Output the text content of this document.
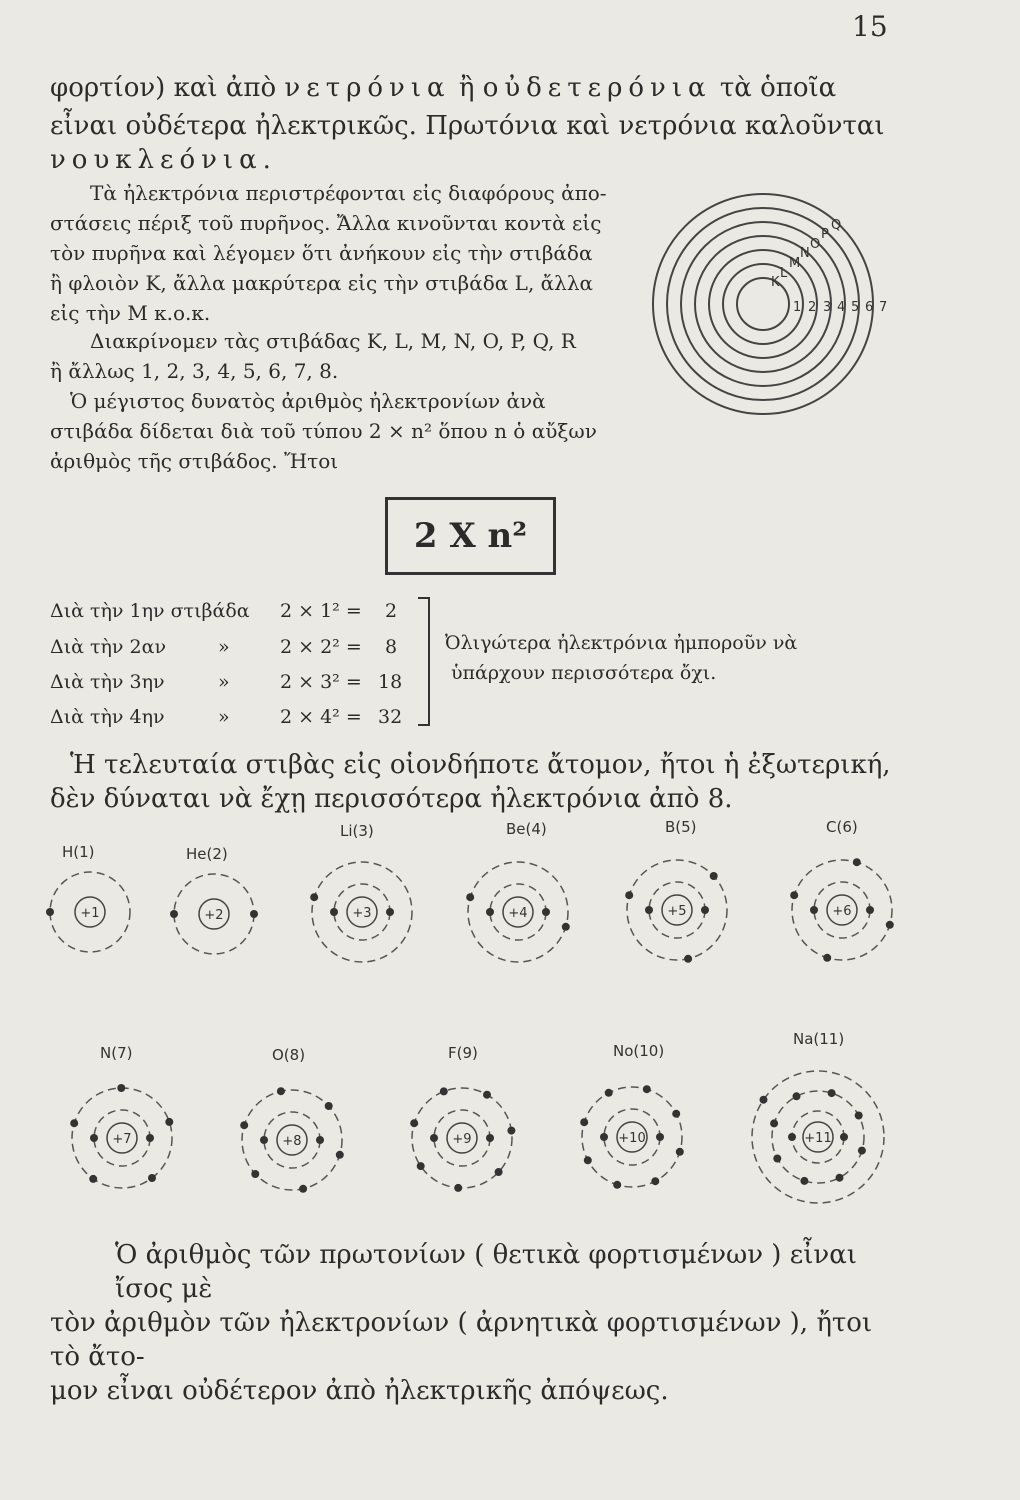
15
φορτίον) καὶ ἀπὸ νετρόνια ἢ οὐδετερόνια τὰ ὁποῖα
εἶναι οὐδέτερα ἠλεκτρικῶς. Πρωτόνια καὶ νετρόνια καλοῦνται
νουκλεόνια.
Τὰ ἠλεκτρόνια περιστρέφονται εἰς διαφόρους ἀπο-
στάσεις πέριξ τοῦ πυρῆνος. Ἄλλα κινοῦνται κοντὰ εἰς
τὸν πυρῆνα καὶ λέγομεν ὅτι ἀνήκουν εἰς τὴν στιβάδα
ἢ φλοιὸν Κ, ἄλλα μακρύτερα εἰς τὴν στιβάδα L, ἄλλα
εἰς τὴν Μ κ.ο.κ.
Διακρίνομεν τὰς στιβάδας K, L, M, N, O, P, Q, R
ἢ ἄλλως 1, 2, 3, 4, 5, 6, 7, 8.
Ὁ μέγιστος δυνατὸς ἀριθμὸς ἠλεκτρονίων ἀνὰ
στιβάδα δίδεται διὰ τοῦ τύπου 2 × n² ὅπου n ὁ αὔξων
ἀριθμὸς τῆς στιβάδος. Ἤτοι
K
L
M
N
O
P
Q
1 2 3 4 5 6 7
2 X n²
Διὰ τὴν 1ην στιβάδα 2 × 1² = 2
Διὰ τὴν 2αν	»	2 × 2² = 8
Διὰ τὴν 3ην	»	2 × 3² = 18
Διὰ τὴν 4ην	»	2 × 4² = 32
Ὀλιγώτερα ἠλεκτρόνια ἠμποροῦν νὰ
ὑπάρχουν περισσότερα ὄχι.
Ἡ τελευταία στιβὰς εἰς οἱονδήποτε ἄτομον, ἤτοι ἡ ἐξωτερική,
δὲν δύναται νὰ ἔχῃ περισσότερα ἠλεκτρόνια ἀπὸ 8.
+1
H(1)
+2
He(2)
+3
Li(3)
+4
Be(4)
+5
B(5)
+6
C(6)
+7
N(7)
+8
O(8)
+9
F(9)
+10
No(10)
+11
Na(11)
Ὁ ἀριθμὸς τῶν πρωτονίων ( θετικὰ φορτισμένων ) εἶναι ἴσος μὲ
τὸν ἀριθμὸν τῶν ἠλεκτρονίων ( ἀρνητικὰ φορτισμένων ), ἤτοι τὸ ἄτο-
μον εἶναι οὐδέτερον ἀπὸ ἠλεκτρικῆς ἀπόψεως.
